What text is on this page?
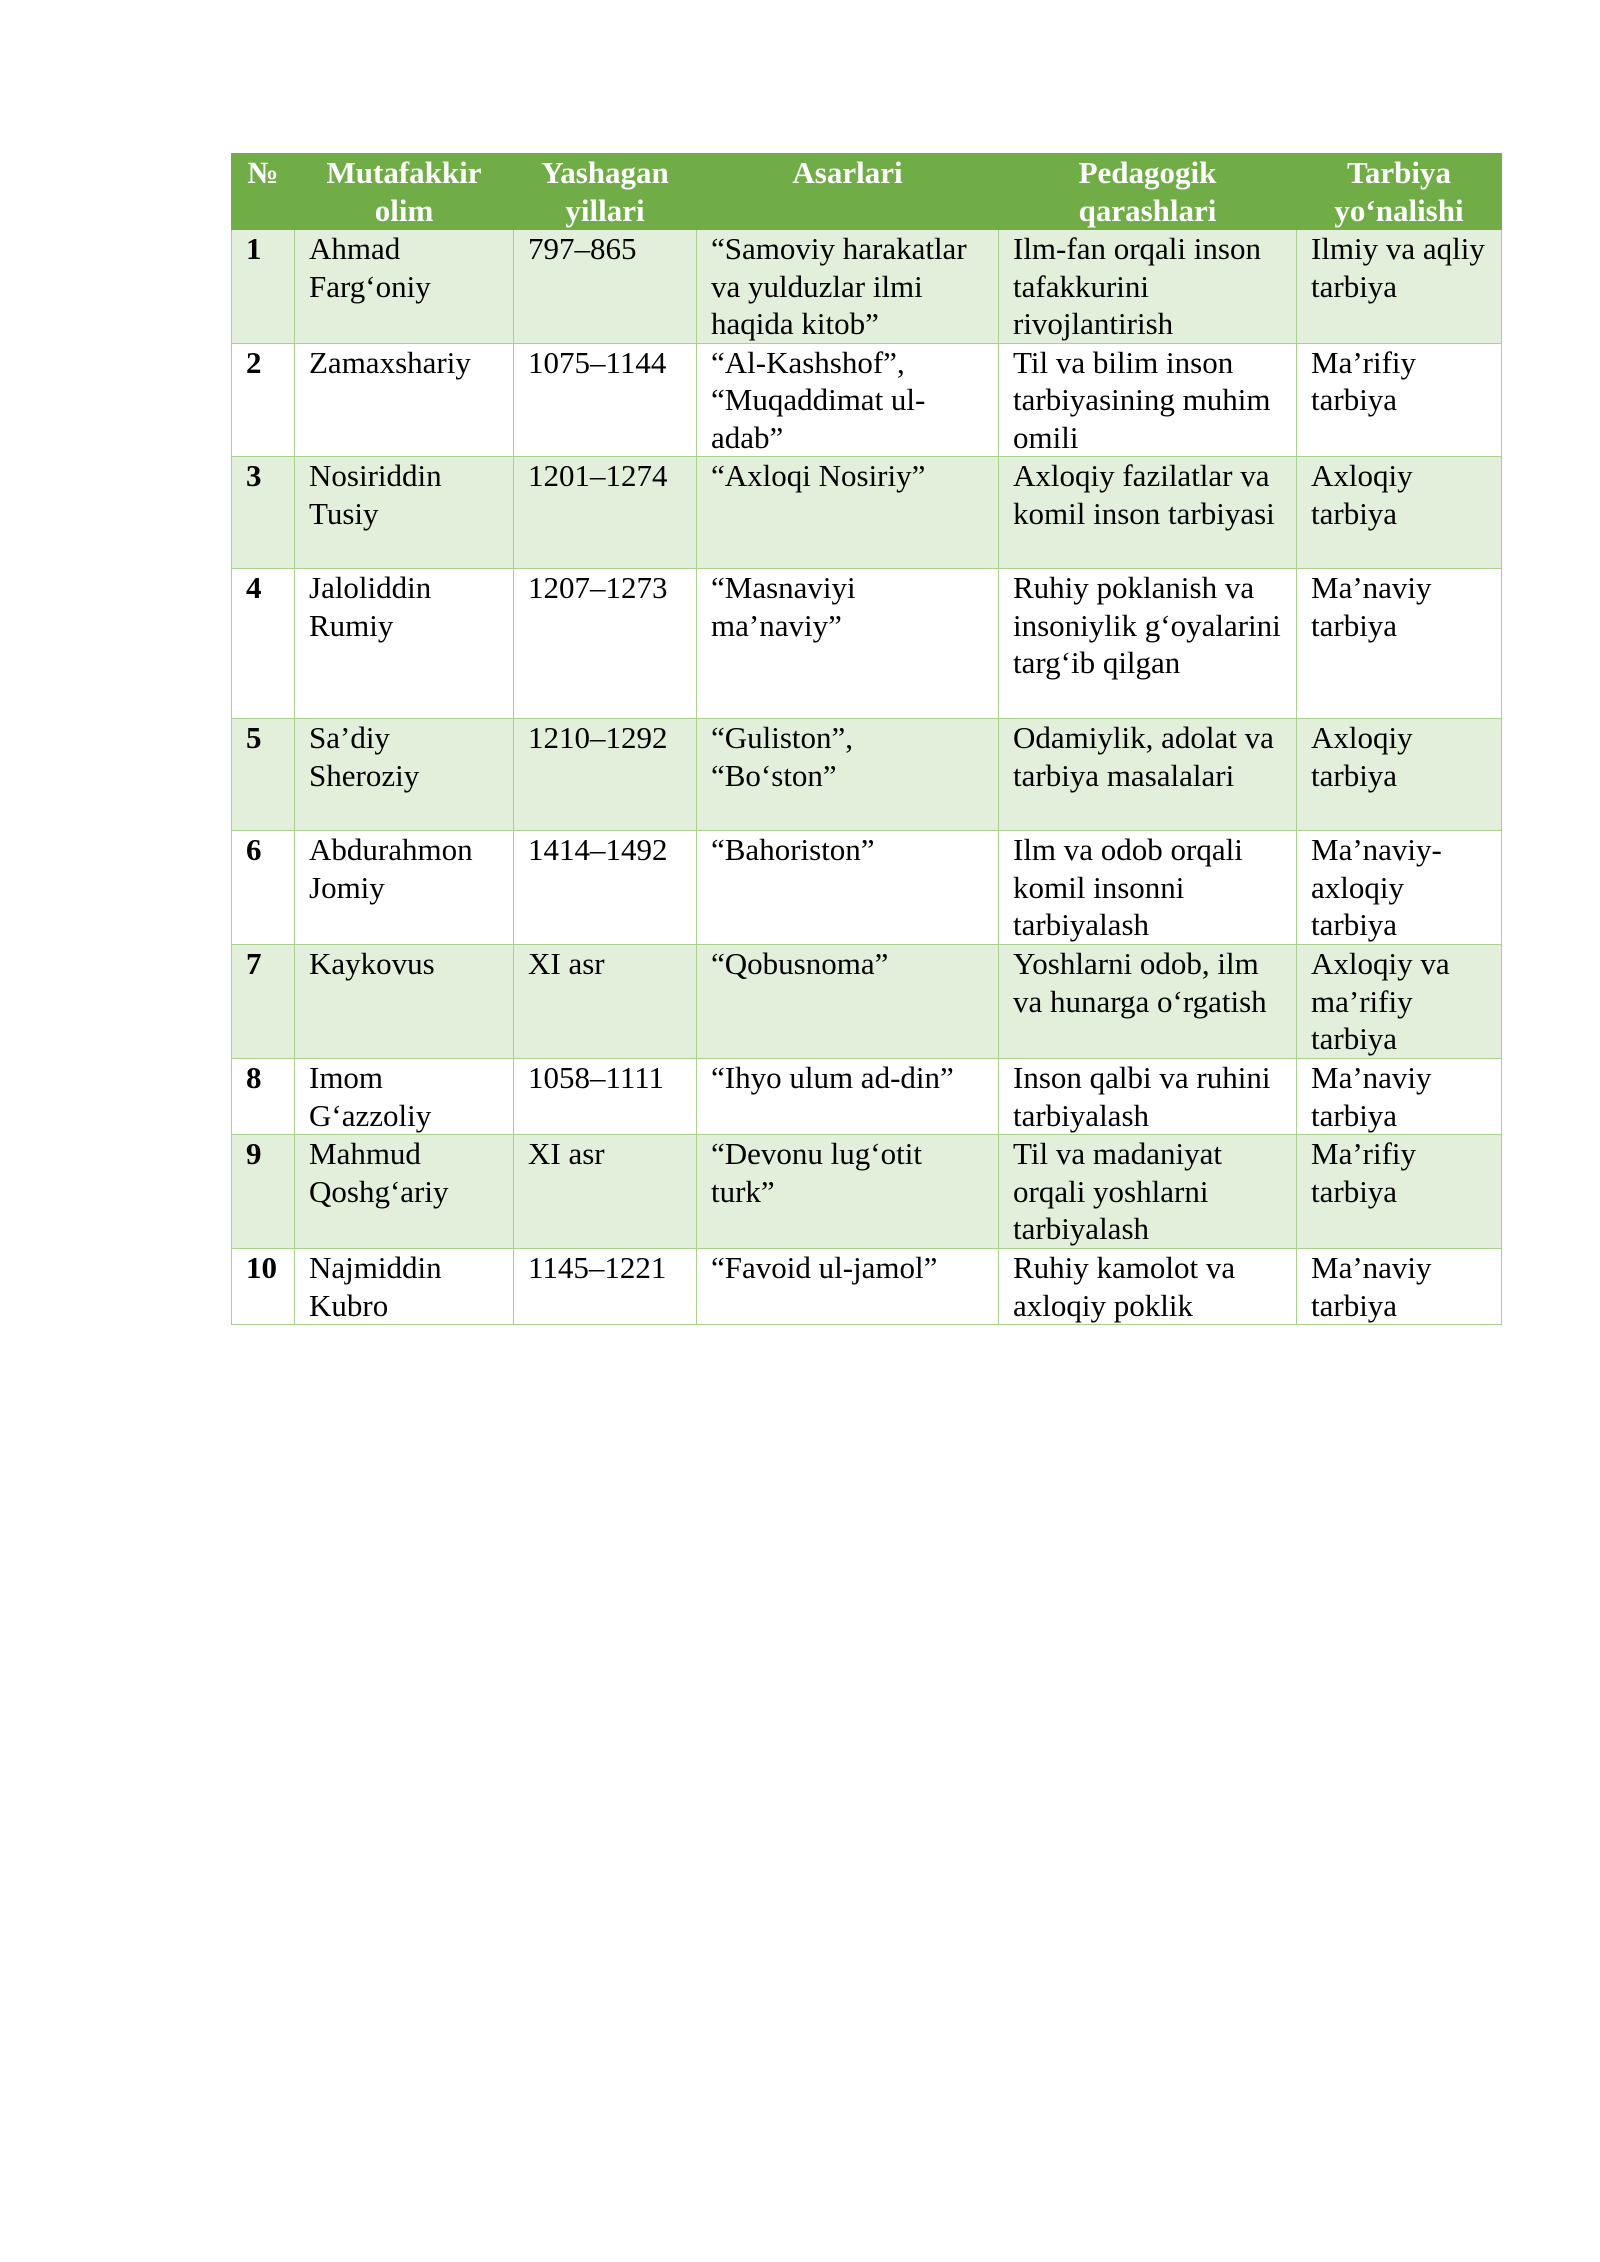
№	Mutafakkir olim	Yashagan yillari	Asarlari	Pedagogik qarashlari	Tarbiya yo‘nalishi
1	Ahmad Farg‘oniy	797–865	“Samoviy harakatlar va yulduzlar ilmi haqida kitob”	Ilm-fan orqali inson tafakkurini rivojlantirish	Ilmiy va aqliy tarbiya
2	Zamaxshariy	1075–1144	“Al-Kashshof”, “Muqaddimat ul-adab”	Til va bilim inson tarbiyasining muhim omili	Ma’rifiy tarbiya
3	Nosiriddin Tusiy	1201–1274	“Axloqi Nosiriy”	Axloqiy fazilatlar va komil inson tarbiyasi	Axloqiy tarbiya
4	Jaloliddin Rumiy	1207–1273	“Masnaviyi ma’naviy”	Ruhiy poklanish va insoniylik g‘oyalarini targ‘ib qilgan	Ma’naviy tarbiya
5	Sa’diy Sheroziy	1210–1292	“Guliston”, “Bo‘ston”	Odamiylik, adolat va tarbiya masalalari	Axloqiy tarbiya
6	Abdurahmon Jomiy	1414–1492	“Bahoriston”	Ilm va odob orqali komil insonni tarbiyalash	Ma’naviy-axloqiy tarbiya
7	Kaykovus	XI asr	“Qobusnoma”	Yoshlarni odob, ilm va hunarga o‘rgatish	Axloqiy va ma’rifiy tarbiya
8	Imom G‘azzoliy	1058–1111	“Ihyo ulum ad-din”	Inson qalbi va ruhini tarbiyalash	Ma’naviy tarbiya
9	Mahmud Qoshg‘ariy	XI asr	“Devonu lug‘otit turk”	Til va madaniyat orqali yoshlarni tarbiyalash	Ma’rifiy tarbiya
10	Najmiddin Kubro	1145–1221	“Favoid ul-jamol”	Ruhiy kamolot va axloqiy poklik	Ma’naviy tarbiya
